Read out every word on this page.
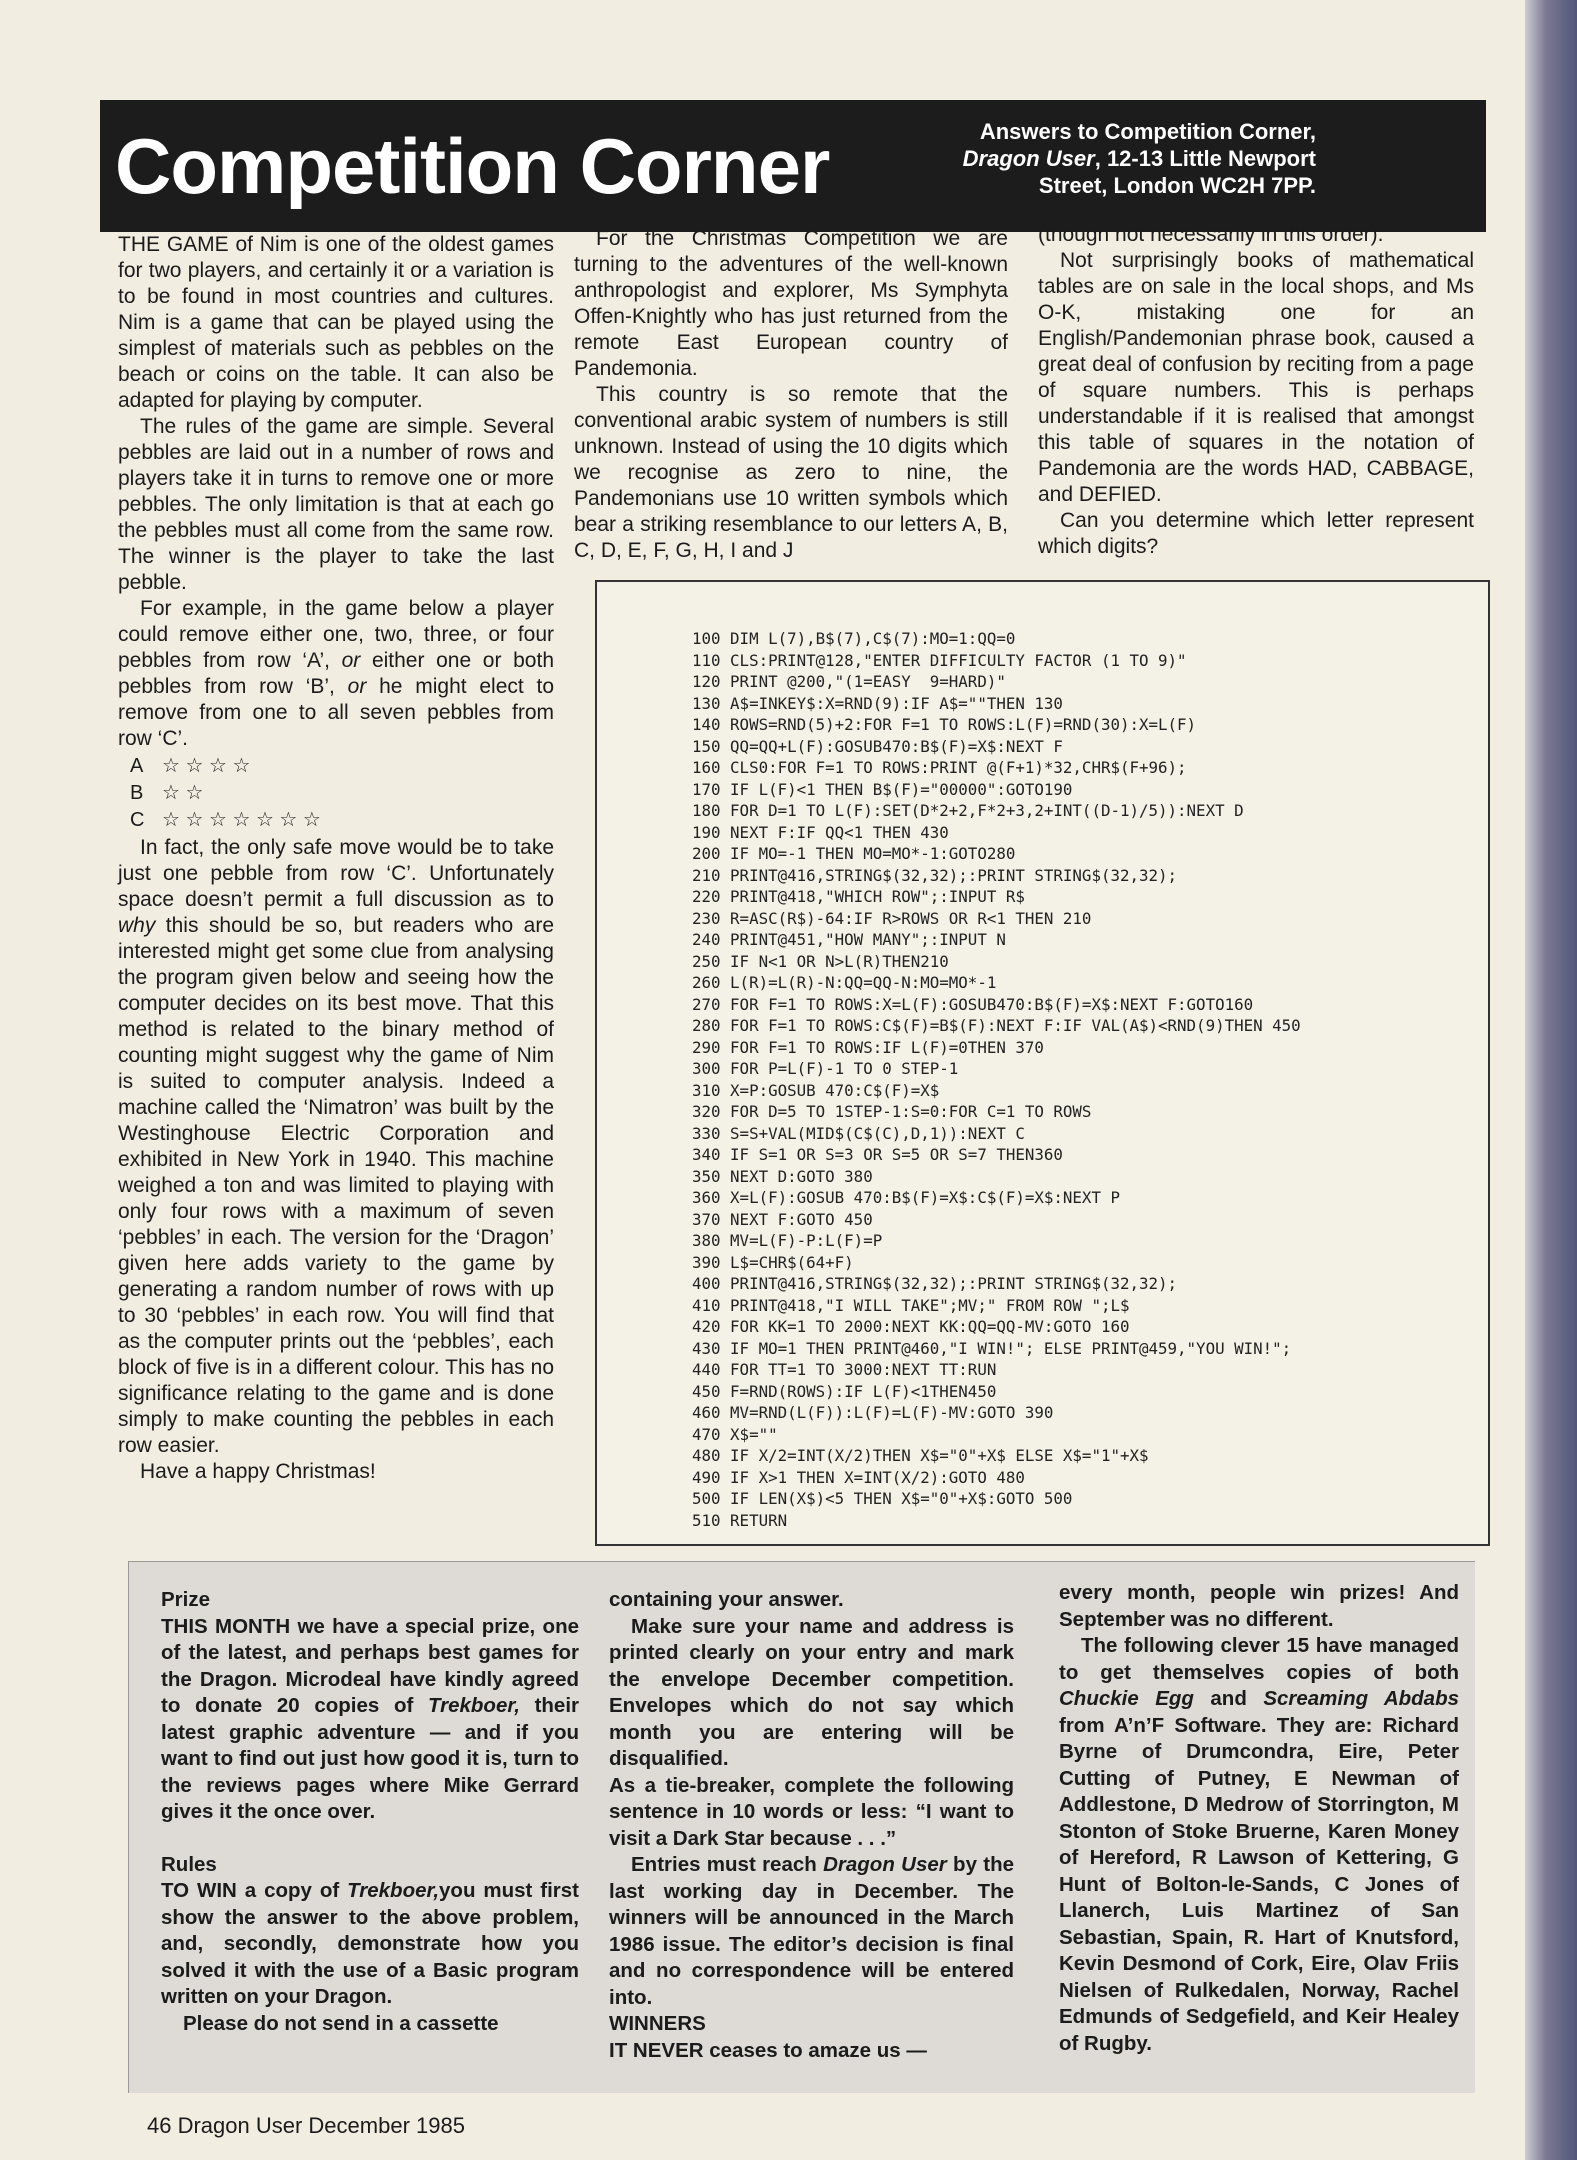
Competition Corner	Answers to Competition Corner,
Dragon User, 12-13 Little Newport
Street, London WC2H 7PP.

THE GAME of Nim is one of the oldest games for two players, and certainly it or a variation is to be found in most countries and cultures. Nim is a game that can be played using the simplest of materials such as pebbles on the beach or coins on the table. It can also be adapted for playing by computer.

The rules of the game are simple. Several pebbles are laid out in a number of rows and players take it in turns to remove one or more pebbles. The only limitation is that at each go the pebbles must all come from the same row. The winner is the player to take the last pebble.

For example, in the game below a player could remove either one, two, three, or four pebbles from row ‘A’, or either one or both pebbles from row ‘B’, or he might elect to remove from one to all seven pebbles from row ‘C’.

A ☆ ☆ ☆ ☆
B ☆ ☆
C ☆ ☆ ☆ ☆ ☆ ☆ ☆

In fact, the only safe move would be to take just one pebble from row ‘C’. Unfortunately space doesn’t permit a full discussion as to why this should be so, but readers who are interested might get some clue from analysing the program given below and seeing how the computer decides on its best move. That this method is related to the binary method of counting might suggest why the game of Nim is suited to computer analysis. Indeed a machine called the ‘Nimatron’ was built by the Westinghouse Electric Corporation and exhibited in New York in 1940. This machine weighed a ton and was limited to playing with only four rows with a maximum of seven ‘pebbles’ in each. The version for the ‘Dragon’ given here adds variety to the game by generating a random number of rows with up to 30 ‘pebbles’ in each row. You will find that as the computer prints out the ‘pebbles’, each block of five is in a different colour. This has no significance relating to the game and is done simply to make counting the pebbles in each row easier.

Have a happy Christmas!

For the Christmas Competition we are turning to the adventures of the well-known anthropologist and explorer, Ms Symphyta Offen-Knightly who has just returned from the remote East European country of Pandemonia.

This country is so remote that the conventional arabic system of numbers is still unknown. Instead of using the 10 digits which we recognise as zero to nine, the Pandemonians use 10 written symbols which bear a striking resemblance to our letters A, B, C, D, E, F, G, H, I and J

(though not necessarily in this order).

Not surprisingly books of mathematical tables are on sale in the local shops, and Ms O-K, mistaking one for an English/Pandemonian phrase book, caused a great deal of confusion by reciting from a page of square numbers. This is perhaps understandable if it is realised that amongst this table of squares in the notation of Pandemonia are the words HAD, CABBAGE, and DEFIED.

Can you determine which letter represent which digits?

100 DIM L(7),B$(7),C$(7):MO=1:QQ=0
110 CLS:PRINT@128,"ENTER DIFFICULTY FACTOR (1 TO 9)"
120 PRINT @200,"(1=EASY  9=HARD)"
130 A$=INKEY$:X=RND(9):IF A$=""THEN 130
140 ROWS=RND(5)+2:FOR F=1 TO ROWS:L(F)=RND(30):X=L(F)
150 QQ=QQ+L(F):GOSUB470:B$(F)=X$:NEXT F
160 CLS0:FOR F=1 TO ROWS:PRINT @(F+1)*32,CHR$(F+96);
170 IF L(F)<1 THEN B$(F)="00000":GOTO190
180 FOR D=1 TO L(F):SET(D*2+2,F*2+3,2+INT((D-1)/5)):NEXT D
190 NEXT F:IF QQ<1 THEN 430
200 IF MO=-1 THEN MO=MO*-1:GOTO280
210 PRINT@416,STRING$(32,32);:PRINT STRING$(32,32);
220 PRINT@418,"WHICH ROW";:INPUT R$
230 R=ASC(R$)-64:IF R>ROWS OR R<1 THEN 210
240 PRINT@451,"HOW MANY";:INPUT N
250 IF N<1 OR N>L(R)THEN210
260 L(R)=L(R)-N:QQ=QQ-N:MO=MO*-1
270 FOR F=1 TO ROWS:X=L(F):GOSUB470:B$(F)=X$:NEXT F:GOTO160
280 FOR F=1 TO ROWS:C$(F)=B$(F):NEXT F:IF VAL(A$)<RND(9)THEN 450
290 FOR F=1 TO ROWS:IF L(F)=0THEN 370
300 FOR P=L(F)-1 TO 0 STEP-1
310 X=P:GOSUB 470:C$(F)=X$
320 FOR D=5 TO 1STEP-1:S=0:FOR C=1 TO ROWS
330 S=S+VAL(MID$(C$(C),D,1)):NEXT C
340 IF S=1 OR S=3 OR S=5 OR S=7 THEN360
350 NEXT D:GOTO 380
360 X=L(F):GOSUB 470:B$(F)=X$:C$(F)=X$:NEXT P
370 NEXT F:GOTO 450
380 MV=L(F)-P:L(F)=P
390 L$=CHR$(64+F)
400 PRINT@416,STRING$(32,32);:PRINT STRING$(32,32);
410 PRINT@418,"I WILL TAKE";MV;" FROM ROW ";L$
420 FOR KK=1 TO 2000:NEXT KK:QQ=QQ-MV:GOTO 160
430 IF MO=1 THEN PRINT@460,"I WIN!"; ELSE PRINT@459,"YOU WIN!";
440 FOR TT=1 TO 3000:NEXT TT:RUN
450 F=RND(ROWS):IF L(F)<1THEN450
460 MV=RND(L(F)):L(F)=L(F)-MV:GOTO 390
470 X$=""
480 IF X/2=INT(X/2)THEN X$="0"+X$ ELSE X$="1"+X$
490 IF X>1 THEN X=INT(X/2):GOTO 480
500 IF LEN(X$)<5 THEN X$="0"+X$:GOTO 500
510 RETURN

Prize

THIS MONTH we have a special prize, one of the latest, and perhaps best games for the Dragon. Microdeal have kindly agreed to donate 20 copies of Trekboer, their latest graphic adventure — and if you want to find out just how good it is, turn to the reviews pages where Mike Gerrard gives it the once over.

Rules

TO WIN a copy of Trekboer,you must first show the answer to the above problem, and, secondly, demonstrate how you solved it with the use of a Basic program written on your Dragon.

Please do not send in a cassette

containing your answer.

Make sure your name and address is printed clearly on your entry and mark the envelope December competition. Envelopes which do not say which month you are entering will be disqualified.

As a tie-breaker, complete the following sentence in 10 words or less: “I want to visit a Dark Star because . . .”

Entries must reach Dragon User by the last working day in December. The winners will be announced in the March 1986 issue. The editor’s decision is final and no correspondence will be entered into.

WINNERS

IT NEVER ceases to amaze us —

every month, people win prizes! And September was no different.

The following clever 15 have managed to get themselves copies of both Chuckie Egg and Screaming Abdabs from A’n’F Software. They are: Richard Byrne of Drumcondra, Eire, Peter Cutting of Putney, E Newman of Addlestone, D Medrow of Storrington, M Stonton of Stoke Bruerne, Karen Money of Hereford, R Lawson of Kettering, G Hunt of Bolton-le-Sands, C Jones of Llanerch, Luis Martinez of San Sebastian, Spain, R. Hart of Knutsford, Kevin Desmond of Cork, Eire, Olav Friis Nielsen of Rulkedalen, Norway, Rachel Edmunds of Sedgefield, and Keir Healey of Rugby.

46 Dragon User December 1985
